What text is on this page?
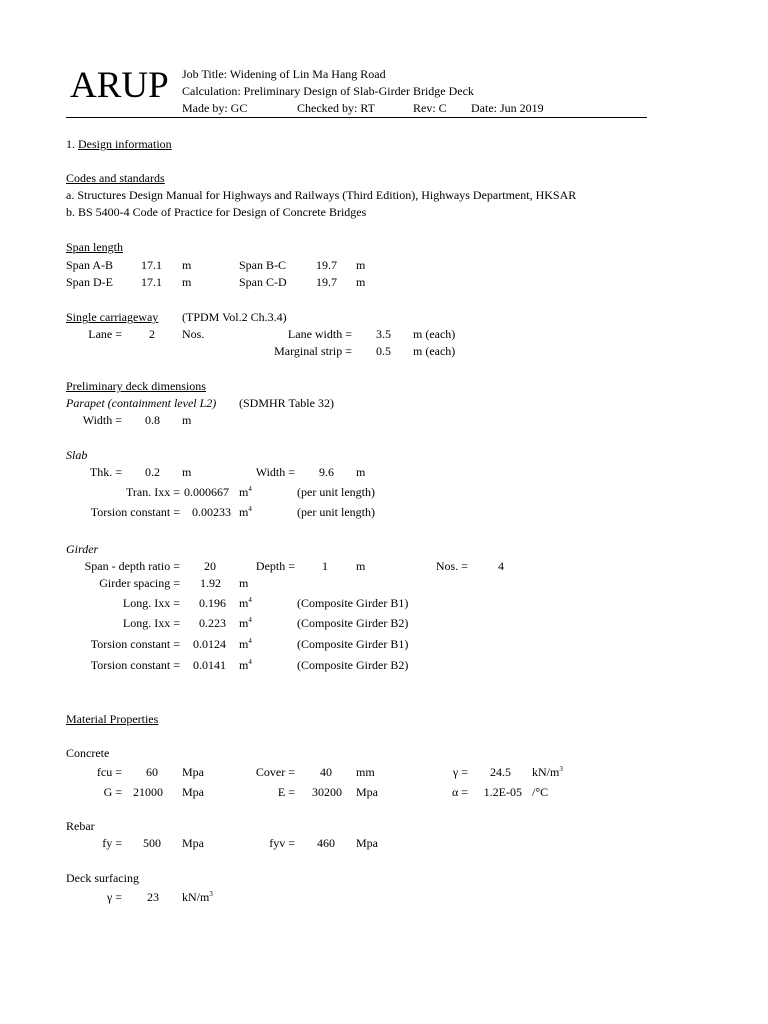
ARUP Job Title: Widening of Lin Ma Hang Road
Calculation: Preliminary Design of Slab-Girder Bridge Deck
Made by: GC	Checked by: RT	Rev: C Date: Jun 2019
1. Design information
Codes and standards
a. Structures Design Manual for Highways and Railways (Third Edition), Highways Department, HKSAR
b. BS 5400-4 Code of Practice for Design of Concrete Bridges
Span length
Span A-B	17.1 m	Span B-C	19.7 m
Span D-E	17.1 m	Span C-D	19.7 m
Single carriageway (TPDM Vol.2 Ch.3.4)
Lane =	2 Nos.	Lane width =	3.5 m (each)
Marginal strip =	0.5 m (each)
Preliminary deck dimensions
Parapet (containment level L2) (SDMHR Table 32)
Width =	0.8 m
Slab
Thk. =	0.2 m	Width =	9.6 m
Tran. Ixx = 0.000667 $m^4$	(per unit length)
Torsion constant =	0.00233 $m^4$	(per unit length)
Girder
Span - depth ratio =	20	Depth =	1 m	Nos. =	4
Girder spacing =	1.92 m
Long. Ixx =	0.196 $m^4$	(Composite Girder B1)
Long. Ixx =	0.223 $m^4$	(Composite Girder B2)
Torsion constant =	0.0124 $m^4$	(Composite Girder B1)
Torsion constant =	0.0141 $m^4$	(Composite Girder B2)
Material Properties
Concrete
fcu =	60 Mpa	Cover =	40 mm	γ =	24.5 $kN/m^3$
G = 21000 Mpa	E =	30200 Mpa	α =	1.2E-05 /°C
Rebar
fy =	500 Mpa	fyv =	460 Mpa
Deck surfacing
γ =	23 $kN/m^3$
